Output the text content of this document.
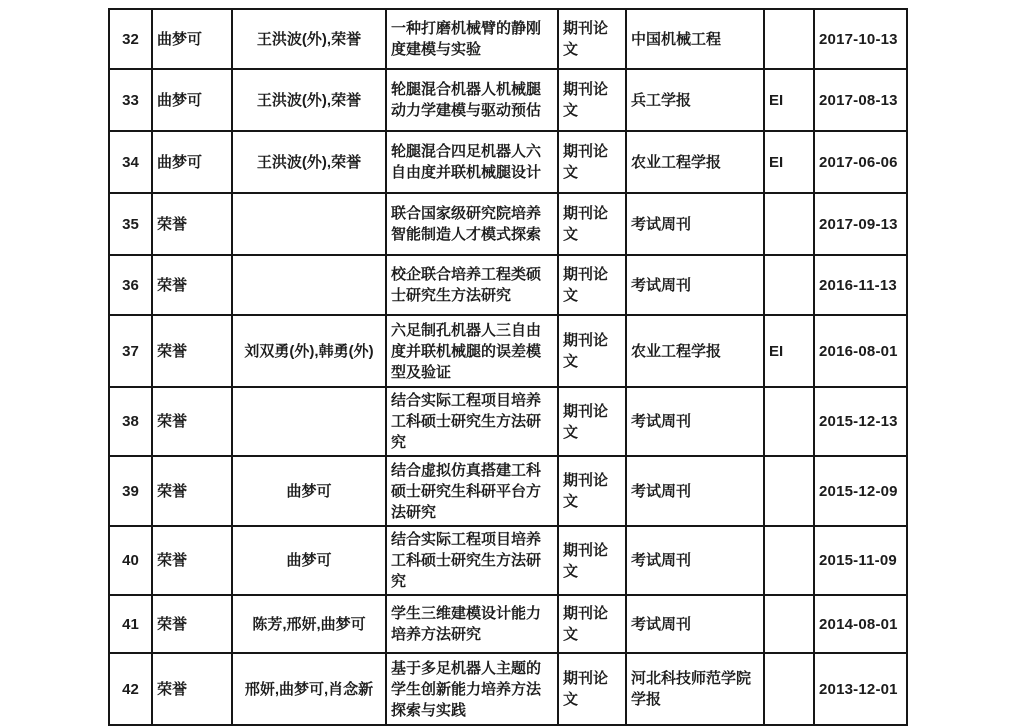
32	曲梦可	王洪波(外),荣誉	一种打磨机械臂的静刚度建模与实验	期刊论文	中国机械工程		2017-10-13
33	曲梦可	王洪波(外),荣誉	轮腿混合机器人机械腿动力学建模与驱动预估	期刊论文	兵工学报	EI	2017-08-13
34	曲梦可	王洪波(外),荣誉	轮腿混合四足机器人六自由度并联机械腿设计	期刊论文	农业工程学报	EI	2017-06-06
35	荣誉		联合国家级研究院培养智能制造人才模式探索	期刊论文	考试周刊		2017-09-13
36	荣誉		校企联合培养工程类硕士研究生方法研究	期刊论文	考试周刊		2016-11-13
37	荣誉	刘双勇(外),韩勇(外)	六足制孔机器人三自由度并联机械腿的误差模型及验证	期刊论文	农业工程学报	EI	2016-08-01
38	荣誉		结合实际工程项目培养工科硕士研究生方法研究	期刊论文	考试周刊		2015-12-13
39	荣誉	曲梦可	结合虚拟仿真搭建工科硕士研究生科研平台方法研究	期刊论文	考试周刊		2015-12-09
40	荣誉	曲梦可	结合实际工程项目培养工科硕士研究生方法研究	期刊论文	考试周刊		2015-11-09
41	荣誉	陈芳,邢妍,曲梦可	学生三维建模设计能力培养方法研究	期刊论文	考试周刊		2014-08-01
42	荣誉	邢妍,曲梦可,肖念新	基于多足机器人主题的学生创新能力培养方法探索与实践	期刊论文	河北科技师范学院学报		2013-12-01
